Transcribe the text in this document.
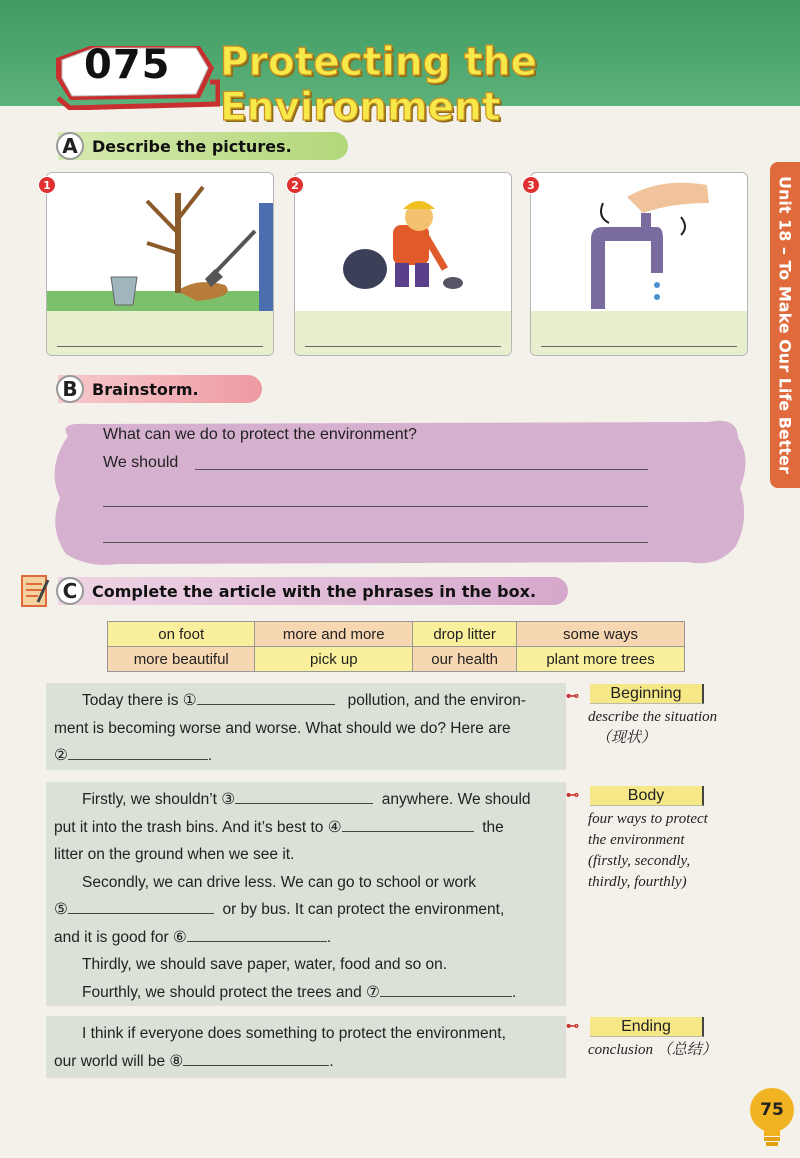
075 Protecting the Environment
Unit 18 – To Make Our Life Better
A Describe the pictures.
1	2	3
B Brainstorm.
What can we do to protect the environment?
We should
C Complete the article with the phrases in the box.
on foot	more and more	drop litter	some ways
more beautiful	pick up	our health	plant more trees

Today there is ①	pollution, and the environ-

ment is becoming worse and worse. What should we do? Here are

②	.

⊷	Beginning
describe the situation
（现状）

Firstly, we shouldn’t ③	anywhere. We should

put it into the trash bins. And it’s best to ④	the

litter on the ground when we see it.

Secondly, we can drive less. We can go to school or work

⑤	or by bus. It can protect the environment,

and it is good for ⑥	.

Thirdly, we should save paper, water, food and so on.

Fourthly, we should protect the trees and ⑦	.

⊷	Body
four ways to protect
the environment
(firstly, secondly,
thirdly, fourthly)

I think if everyone does something to protect the environment,

our world will be ⑧	.

⊷	Ending
conclusion （总结）
75
